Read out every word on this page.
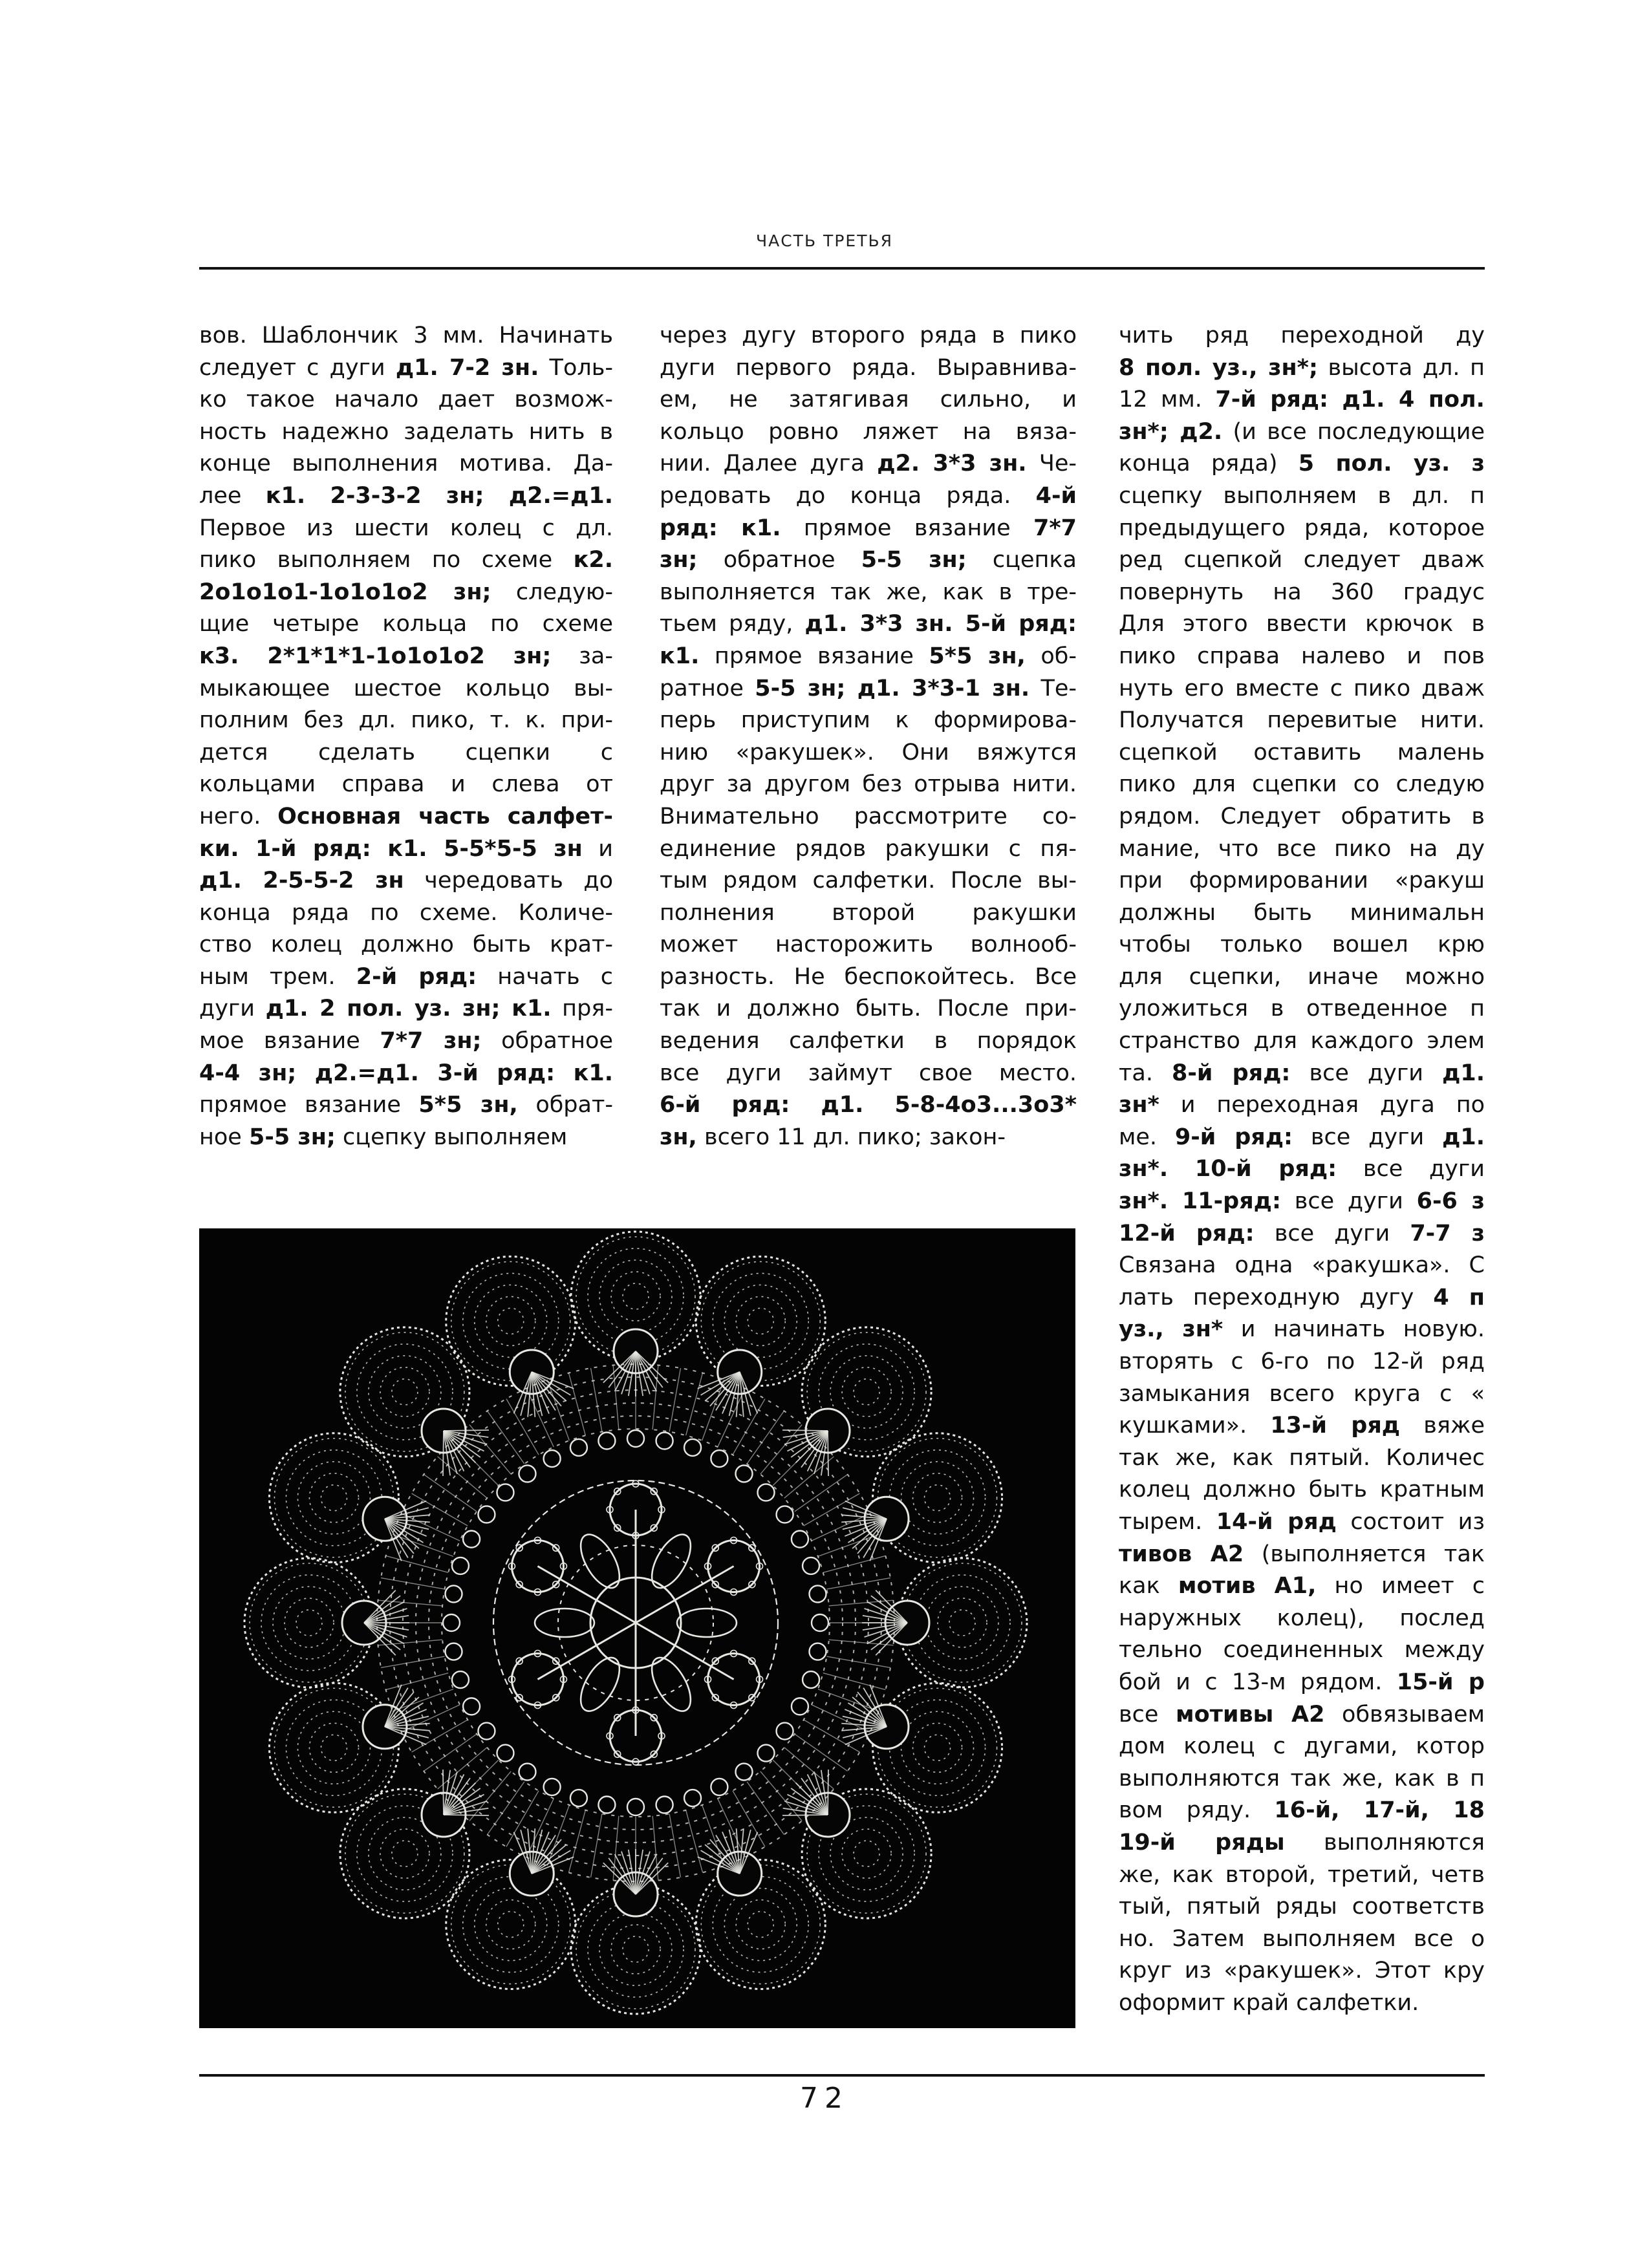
ЧАСТЬ ТРЕТЬЯ
вов. Шаблончик 3 мм. Начинать
следует с дуги д1. 7-2 зн. Толь-
ко такое начало дает возмож-
ность надежно заделать нить в
конце выполнения мотива. Да-
лее к1. 2-3-3-2 зн; д2.=д1.
Первое из шести колец с дл.
пико выполняем по схеме к2.
2о1о1о1-1о1о1о2 зн; следую-
щие четыре кольца по схеме
к3. 2*1*1*1-1о1о1о2 зн; за-
мыкающее шестое кольцо вы-
полним без дл. пико, т. к. при-
дется сделать сцепки с
кольцами справа и слева от
него. Основная часть салфет-
ки. 1-й ряд: к1. 5-5*5-5 зн и
д1. 2-5-5-2 зн чередовать до
конца ряда по схеме. Количе-
ство колец должно быть крат-
ным трем. 2-й ряд: начать с
дуги д1. 2 пол. уз. зн; к1. пря-
мое вязание 7*7 зн; обратное
4-4 зн; д2.=д1. 3-й ряд: к1.
прямое вязание 5*5 зн, обрат-
ное 5-5 зн; сцепку выполняем
через дугу второго ряда в пико
дуги первого ряда. Выравнива-
ем, не затягивая сильно, и
кольцо ровно ляжет на вяза-
нии. Далее дуга д2. 3*3 зн. Че-
редовать до конца ряда. 4-й
ряд: к1. прямое вязание 7*7
зн; обратное 5-5 зн; сцепка
выполняется так же, как в тре-
тьем ряду, д1. 3*3 зн. 5-й ряд:
к1. прямое вязание 5*5 зн, об-
ратное 5-5 зн; д1. 3*3-1 зн. Те-
перь приступим к формирова-
нию «ракушек». Они вяжутся
друг за другом без отрыва нити.
Внимательно рассмотрите со-
единение рядов ракушки с пя-
тым рядом салфетки. После вы-
полнения второй ракушки
может насторожить волнооб-
разность. Не беспокойтесь. Все
так и должно быть. После при-
ведения салфетки в порядок
все дуги займут свое место.
6-й ряд: д1. 5-8-4о3...3о3*
зн, всего 11 дл. пико; закон-
чить ряд переходной ду
8 пол. уз., зн*; высота дл. п
12 мм. 7-й ряд: д1. 4 пол.
зн*; д2. (и все последующие
конца ряда) 5 пол. уз. з
сцепку выполняем в дл. п
предыдущего ряда, которое
ред сцепкой следует дваж
повернуть на 360 градус
Для этого ввести крючок в
пико справа налево и пов
нуть его вместе с пико дваж
Получатся перевитые нити.
сцепкой оставить малень
пико для сцепки со следую
рядом. Следует обратить в
мание, что все пико на ду
при формировании «ракуш
должны быть минимальн
чтобы только вошел крю
для сцепки, иначе можно
уложиться в отведенное п
странство для каждого элем
та. 8-й ряд: все дуги д1.
зн* и переходная дуга по
ме. 9-й ряд: все дуги д1.
зн*. 10-й ряд: все дуги
зн*. 11-ряд: все дуги 6-6 з
12-й ряд: все дуги 7-7 з
Связана одна «ракушка». С
лать переходную дугу 4 п
уз., зн* и начинать новую.
вторять с 6-го по 12-й ряд
замыкания всего круга с «
кушками». 13-й ряд вяже
так же, как пятый. Количес
колец должно быть кратным
тырем. 14-й ряд состоит из
тивов А2 (выполняется так
как мотив А1, но имеет с
наружных колец), послед
тельно соединенных между
бой и с 13-м рядом. 15-й р
все мотивы А2 обвязываем
дом колец с дугами, котор
выполняются так же, как в п
вом ряду. 16-й, 17-й, 18
19-й ряды выполняются
же, как второй, третий, четв
тый, пятый ряды соответств
но. Затем выполняем все о
круг из «ракушек». Этот кру
оформит край салфетки.
72
